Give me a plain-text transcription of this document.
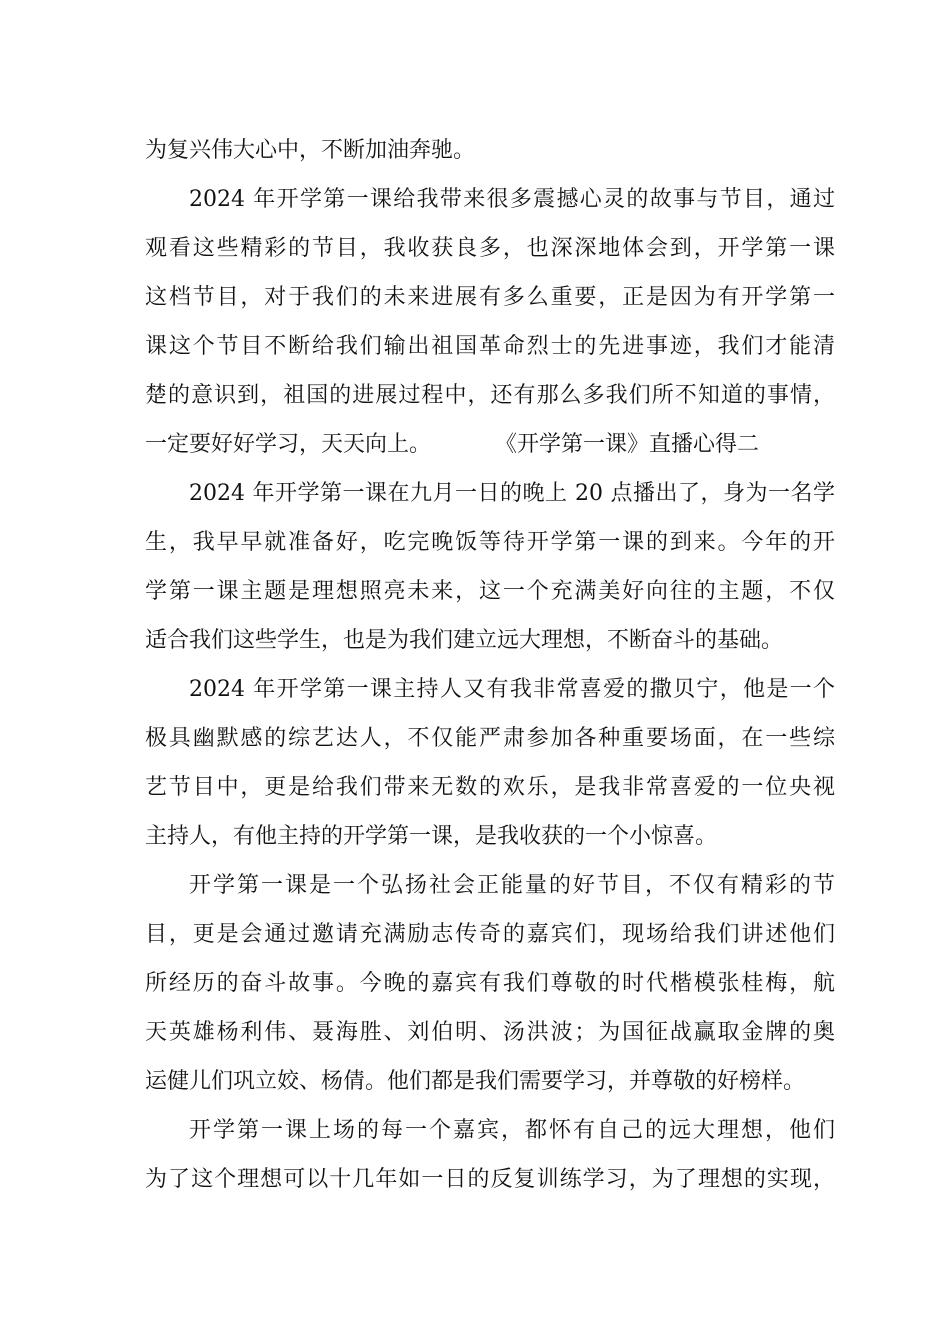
为复兴伟大心中，不断加油奔驰。
2024 年开学第一课给我带来很多震撼心灵的故事与节目，通过
观看这些精彩的节目，我收获良多，也深深地体会到，开学第一课
这档节目，对于我们的未来进展有多么重要，正是因为有开学第一
课这个节目不断给我们输出祖国革命烈士的先进事迹，我们才能清
楚的意识到，祖国的进展过程中，还有那么多我们所不知道的事情，
一定要好好学习，天天向上。	《开学第一课》直播心得二
2024 年开学第一课在九月一日的晚上 20 点播出了，身为一名学
生，我早早就准备好，吃完晚饭等待开学第一课的到来。今年的开
学第一课主题是理想照亮未来，这一个充满美好向往的主题，不仅
适合我们这些学生，也是为我们建立远大理想，不断奋斗的基础。
2024 年开学第一课主持人又有我非常喜爱的撒贝宁，他是一个
极具幽默感的综艺达人，不仅能严肃参加各种重要场面，在一些综
艺节目中，更是给我们带来无数的欢乐，是我非常喜爱的一位央视
主持人，有他主持的开学第一课，是我收获的一个小惊喜。
开学第一课是一个弘扬社会正能量的好节目，不仅有精彩的节
目，更是会通过邀请充满励志传奇的嘉宾们，现场给我们讲述他们
所经历的奋斗故事。今晚的嘉宾有我们尊敬的时代楷模张桂梅，航
天英雄杨利伟、聂海胜、刘伯明、汤洪波；为国征战赢取金牌的奥
运健儿们巩立姣、杨倩。他们都是我们需要学习，并尊敬的好榜样。
开学第一课上场的每一个嘉宾，都怀有自己的远大理想，他们
为了这个理想可以十几年如一日的反复训练学习，为了理想的实现，
